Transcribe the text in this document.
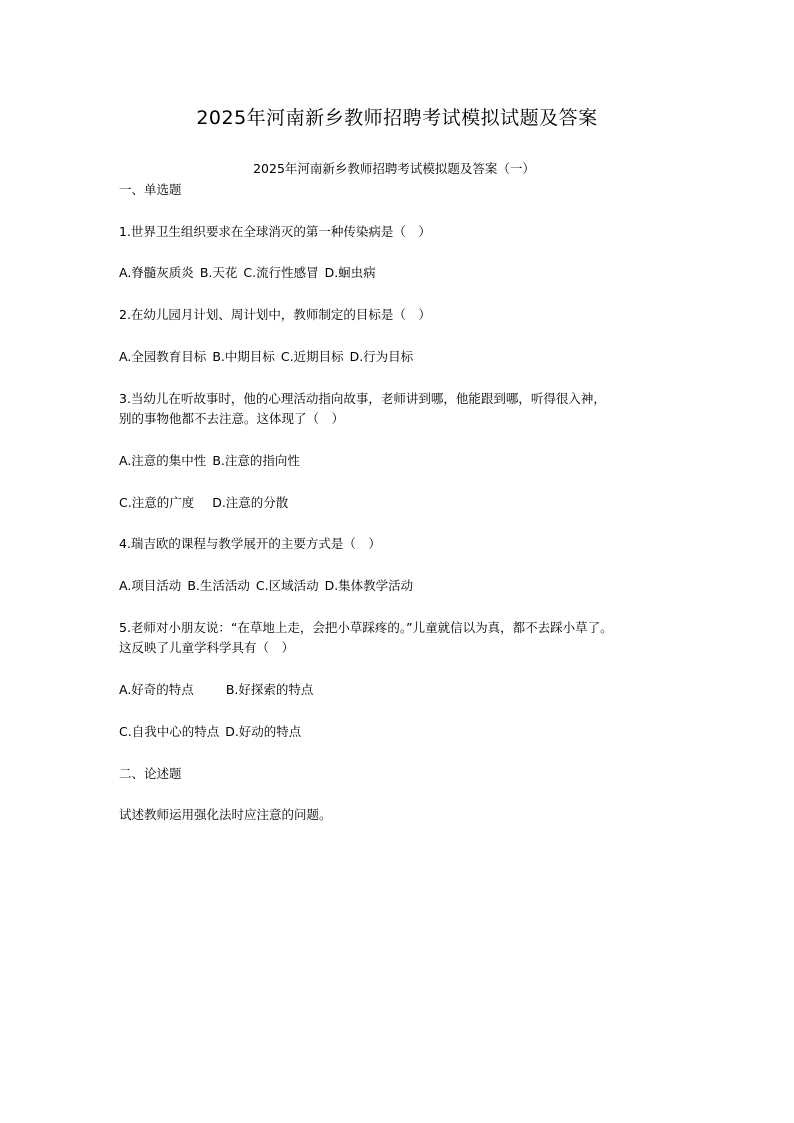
2025年河南新乡教师招聘考试模拟试题及答案
2025年河南新乡教师招聘考试模拟题及答案（一）
一、单选题
1.世界卫生组织要求在全球消灭的第一种传染病是（　）
A.脊髓灰质炎 B.天花 C.流行性感冒 D.蛔虫病
2.在幼儿园月计划、周计划中，教师制定的目标是（　）
A.全园教育目标 B.中期目标 C.近期目标 D.行为目标
3.当幼儿在听故事时，他的心理活动指向故事，老师讲到哪，他能跟到哪，听得很入神，
别的事物他都不去注意。这体现了（　）
A.注意的集中性 B.注意的指向性
C.注意的广度 D.注意的分散
4.瑞吉欧的课程与教学展开的主要方式是（　）
A.项目活动 B.生活活动 C.区域活动 D.集体教学活动
5.老师对小朋友说：“在草地上走，会把小草踩疼的。”儿童就信以为真，都不去踩小草了。
这反映了儿童学科学具有（　）
A.好奇的特点	B.好探索的特点
C.自我中心的特点 D.好动的特点
二、论述题
试述教师运用强化法时应注意的问题。
